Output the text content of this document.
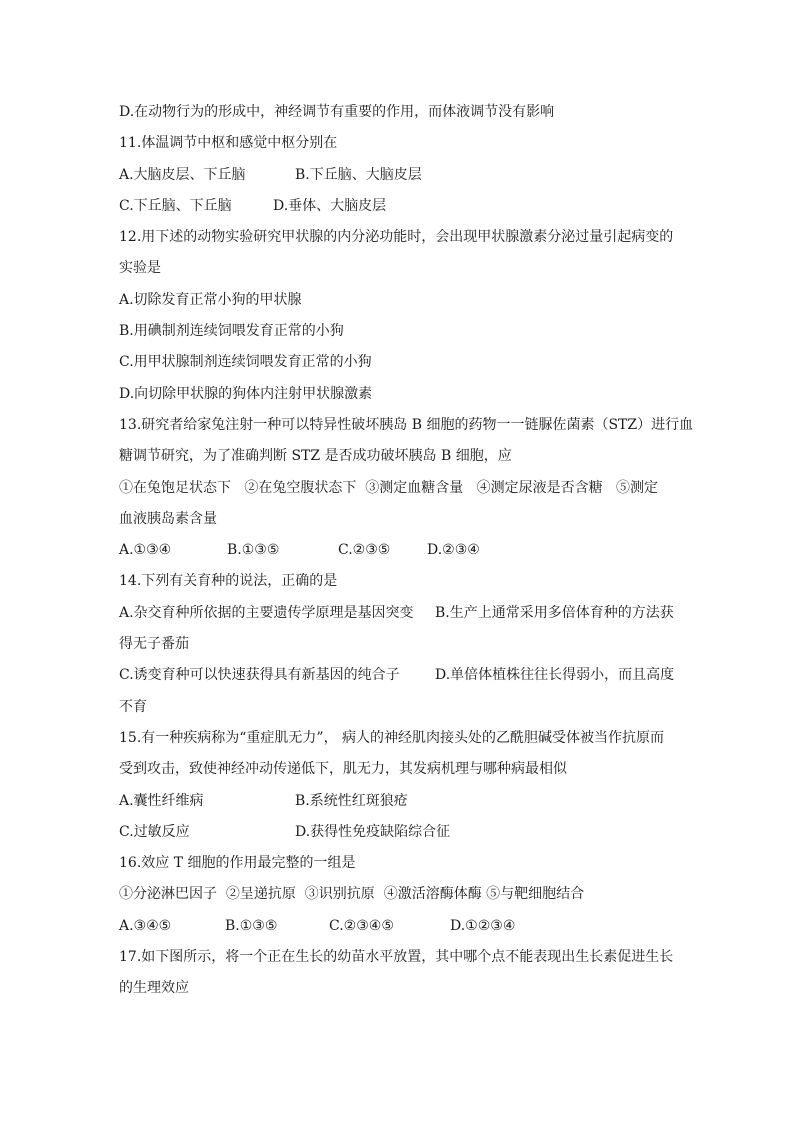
D.在动物行为的形成中，神经调节有重要的作用，而体液调节没有影响
11.体温调节中枢和感觉中枢分别在
A.大脑皮层、下丘脑	B.下丘脑、大脑皮层
C.下丘脑、下丘脑	D.垂体、大脑皮层
12.用下述的动物实验研究甲状腺的内分泌功能时，会出现甲状腺激素分泌过量引起病变的
实验是
A.切除发育正常小狗的甲状腺
B.用碘制剂连续饲喂发育正常的小狗
C.用甲状腺制剂连续饲喂发育正常的小狗
D.向切除甲状腺的狗体内注射甲状腺激素
13.研究者给家兔注射一种可以特异性破坏胰岛 B 细胞的药物一一链脲佐菌素（STZ）进行血
糖调节研究，为了准确判断 STZ 是否成功破坏胰岛 B 细胞，应
①在兔饱足状态下   ②在兔空腹状态下  ③测定血糖含量   ④测定尿液是否含糖   ⑤测定
血液胰岛素含量
A.①③④	B.①③⑤	C.②③⑤	D.②③④
14.下列有关育种的说法，正确的是
A.杂交育种所依据的主要遗传学原理是基因突变	B.生产上通常采用多倍体育种的方法获
得无子番茄
C.诱变育种可以快速获得具有新基因的纯合子	D.单倍体植株往往长得弱小，而且高度
不育
15.有一种疾病称为“重症肌无力”， 病人的神经肌肉接头处的乙酰胆碱受体被当作抗原而
受到攻击，致使神经冲动传递低下，肌无力，其发病机理与哪种病最相似
A.囊性纤维病	B.系统性红斑狼疮
C.过敏反应	D.获得性免疫缺陷综合征
16.效应 T 细胞的作用最完整的一组是
①分泌淋巴因子  ②呈递抗原  ③识别抗原  ④激活溶酶体酶 ⑤与靶细胞结合
A.③④⑤	B.①③⑤	C.②③④⑤	D.①②③④
17.如下图所示，将一个正在生长的幼苗水平放置，其中哪个点不能表现出生长素促进生长
的生理效应
